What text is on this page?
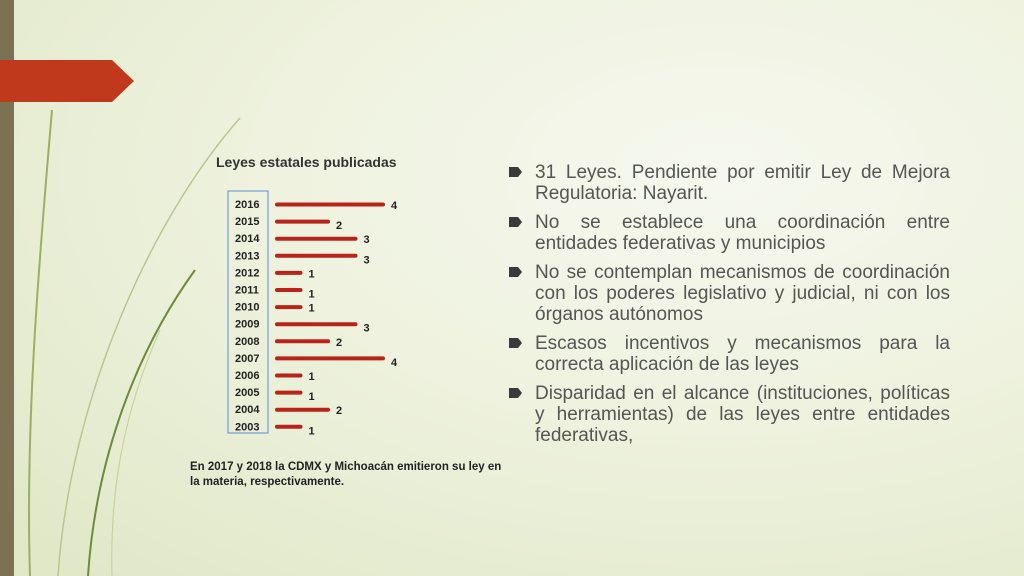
Leyes estatales publicadas
2016	4
2015	2
2014	3
2013	3
2012	1
2011	1
2010	1
2009	3
2008	2
2007	4
2006	1
2005	1
2004	2
2003	1
En 2017 y 2018 la CDMX y Michoacán emitieron su ley en la materia, respectivamente.
31 Leyes. Pendiente por emitir Ley de Mejora Regulatoria: Nayarit.
No se establece una coordinación entre entidades federativas y municipios
No se contemplan mecanismos de coordinación con los poderes legislativo y judicial, ni con los órganos autónomos
Escasos incentivos y mecanismos para la correcta aplicación de las leyes
Disparidad en el alcance (instituciones, políticas y herramientas) de las leyes entre entidades federativas,
